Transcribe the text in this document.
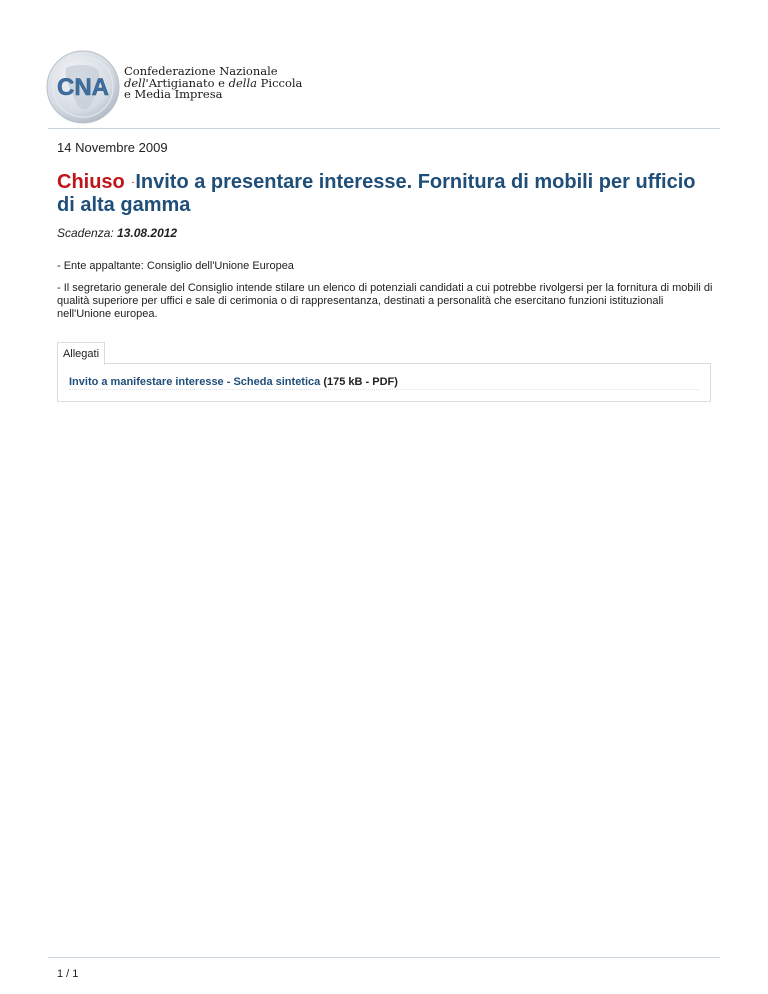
CNA
Confederazione Nazionale
dell'Artigianato e della Piccola
e Media Impresa
14 Novembre 2009
Chiuso -Invito a presentare interesse. Fornitura di mobili per ufficio di alta gamma
Scadenza: 13.08.2012
- Ente appaltante: Consiglio dell'Unione Europea

- Il segretario generale del Consiglio intende stilare un elenco di potenziali candidati a cui potrebbe rivolgersi per la fornitura di mobili di qualità superiore per uffici e sale di cerimonia o di rappresentanza, destinati a personalità che esercitano funzioni istituzionali nell'Unione europea.

Allegati
Invito a manifestare interesse - Scheda sintetica (175 kB - PDF)
1 / 1
